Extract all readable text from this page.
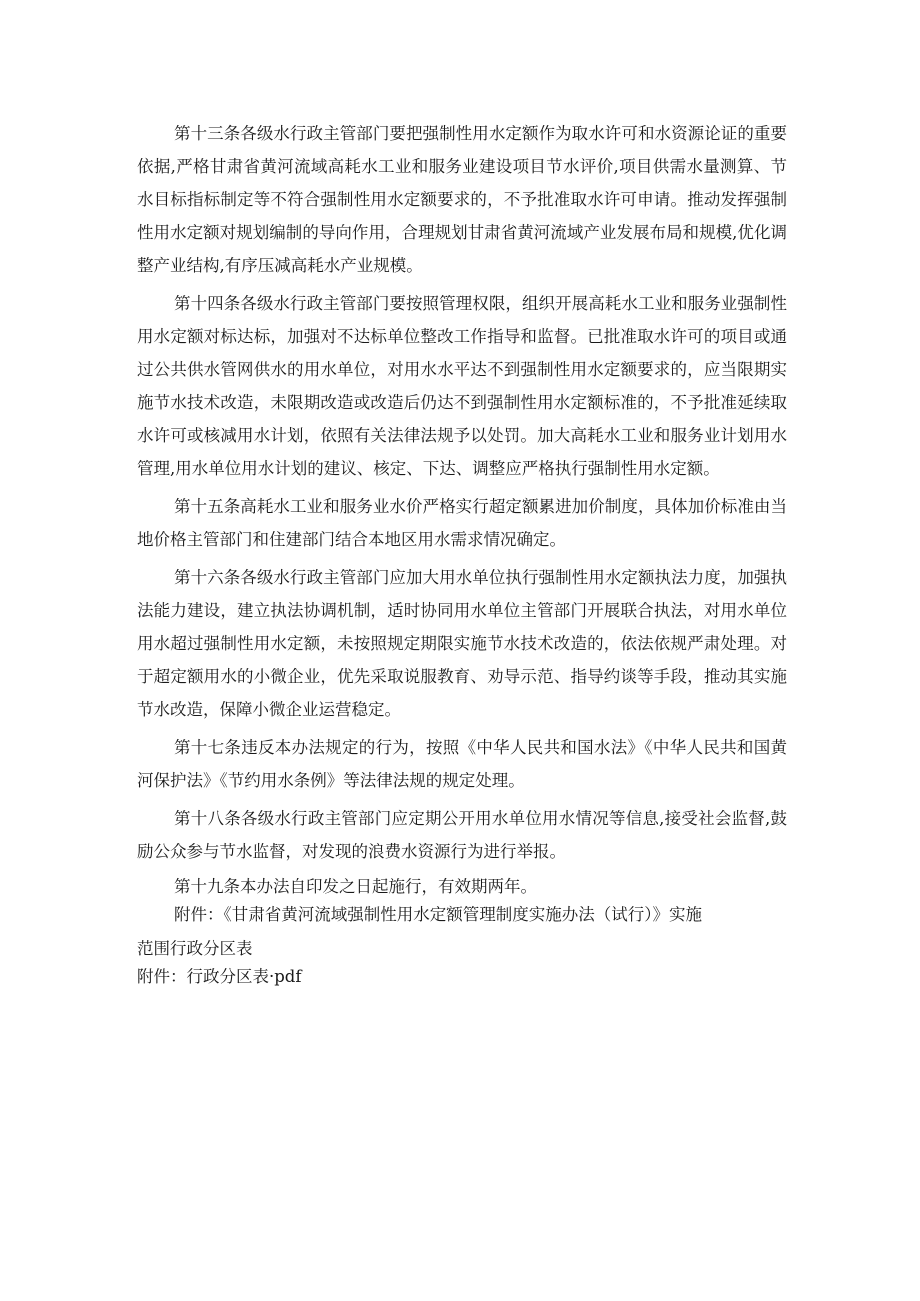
第十三条各级水行政主管部门要把强制性用水定额作为取水许可和水资源论证的重要依据,严格甘肃省黄河流域高耗水工业和服务业建设项目节水评价,项目供需水量测算、节水目标指标制定等不符合强制性用水定额要求的，不予批准取水许可申请。推动发挥强制性用水定额对规划编制的导向作用，合理规划甘肃省黄河流域产业发展布局和规模,优化调整产业结构,有序压减高耗水产业规模。

第十四条各级水行政主管部门要按照管理权限，组织开展高耗水工业和服务业强制性用水定额对标达标，加强对不达标单位整改工作指导和监督。已批准取水许可的项目或通过公共供水管网供水的用水单位，对用水水平达不到强制性用水定额要求的，应当限期实施节水技术改造，未限期改造或改造后仍达不到强制性用水定额标准的，不予批准延续取水许可或核减用水计划，依照有关法律法规予以处罚。加大高耗水工业和服务业计划用水管理,用水单位用水计划的建议、核定、下达、调整应严格执行强制性用水定额。

第十五条高耗水工业和服务业水价严格实行超定额累进加价制度，具体加价标准由当地价格主管部门和住建部门结合本地区用水需求情况确定。

第十六条各级水行政主管部门应加大用水单位执行强制性用水定额执法力度，加强执法能力建设，建立执法协调机制，适时协同用水单位主管部门开展联合执法，对用水单位用水超过强制性用水定额，未按照规定期限实施节水技术改造的，依法依规严肃处理。对于超定额用水的小微企业，优先采取说服教育、劝导示范、指导约谈等手段，推动其实施节水改造，保障小微企业运营稳定。

第十七条违反本办法规定的行为，按照《中华人民共和国水法》《中华人民共和国黄河保护法》《节约用水条例》等法律法规的规定处理。

第十八条各级水行政主管部门应定期公开用水单位用水情况等信息,接受社会监督,鼓励公众参与节水监督，对发现的浪费水资源行为进行举报。

第十九条本办法自印发之日起施行，有效期两年。

附件：《甘肃省黄河流域强制性用水定额管理制度实施办法（试行）》实施

范围行政分区表

附件：行政分区表·pdf
